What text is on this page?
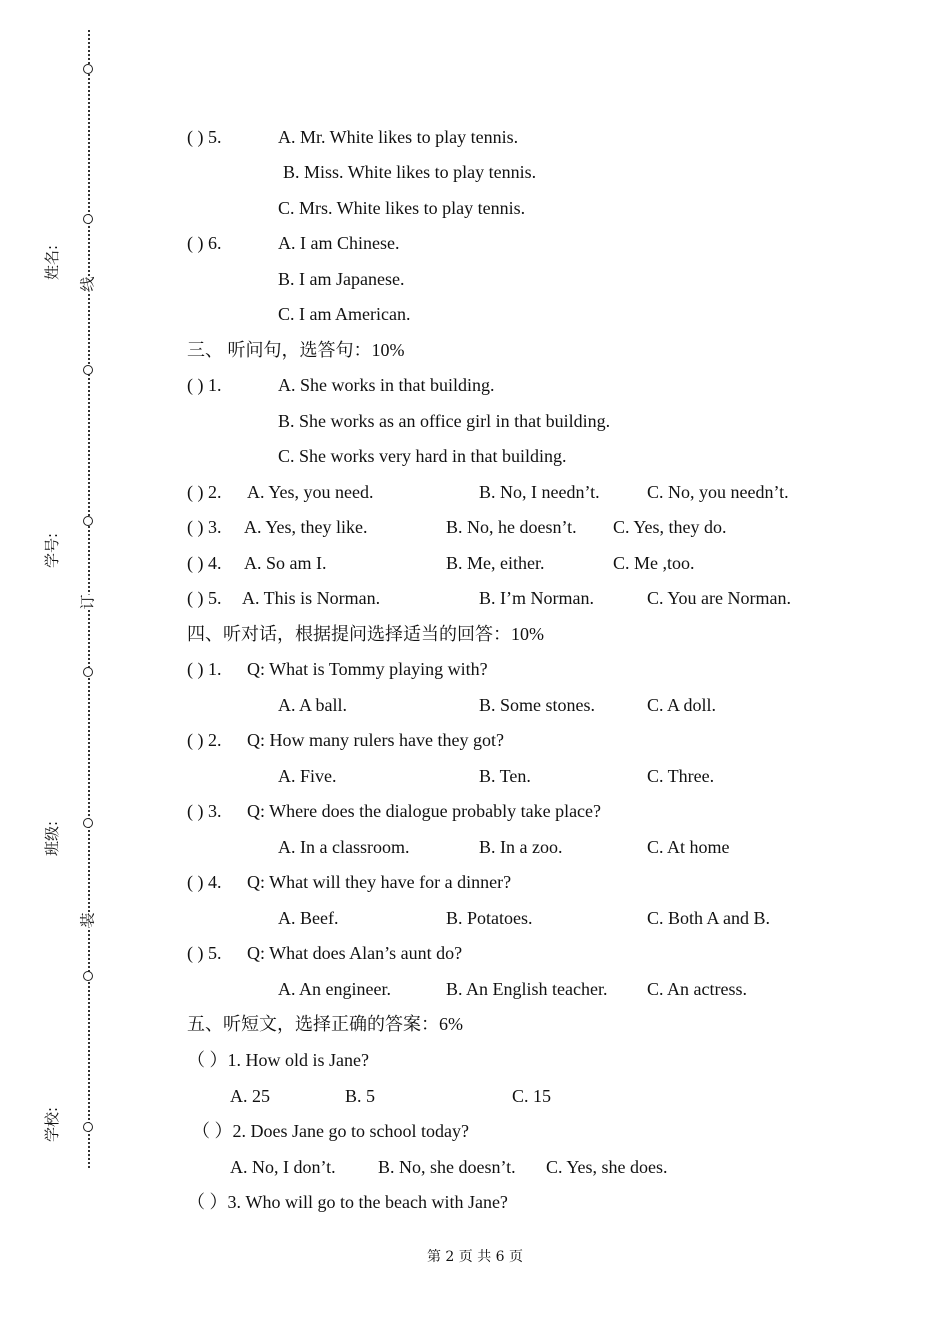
线
订
装
姓名:
学号:
班级:
学校:
( ) 5.	A. Mr. White likes to play tennis.
B. Miss. White likes to play tennis.
C. Mrs. White likes to play tennis.
( ) 6.	A. I am Chinese.
B. I am Japanese.
C. I am American.
三、 听问句，选答句：10%
( ) 1.	A. She works in that building.
B. She works as an office girl in that building.
C. She works very hard in that building.
( ) 2. A. Yes, you need.	B. No, I needn’t.	C. No, you needn’t.
( ) 3. A. Yes, they like.	B. No, he doesn’t. C. Yes, they do.
( ) 4. A. So am I.	B. Me, either.	C. Me ,too.
( ) 5. A. This is Norman.	B. I’m Norman.	C. You are Norman.
四、听对话，根据提问选择适当的回答：10%
( ) 1. Q: What is Tommy playing with?
A. A ball.	B. Some stones.	C. A doll.
( ) 2. Q: How many rulers have they got?
A. Five.	B. Ten.	C. Three.
( ) 3. Q: Where does the dialogue probably take place?
A. In a classroom.	B. In a zoo.	C. At home
( ) 4. Q: What will they have for a dinner?
A. Beef.	B. Potatoes.	C. Both A and B.
( ) 5. Q: What does Alan’s aunt do?
A. An engineer.	B. An English teacher. C. An actress.
五、听短文，选择正确的答案：6%
（ ）1. How old is Jane?
A. 25	B. 5	C. 15
（ ）2. Does Jane go to school today?
A. No, I don’t. B. No, she doesn’t. C. Yes, she does.
（ ）3. Who will go to the beach with Jane?
第 2 页 共 6 页
